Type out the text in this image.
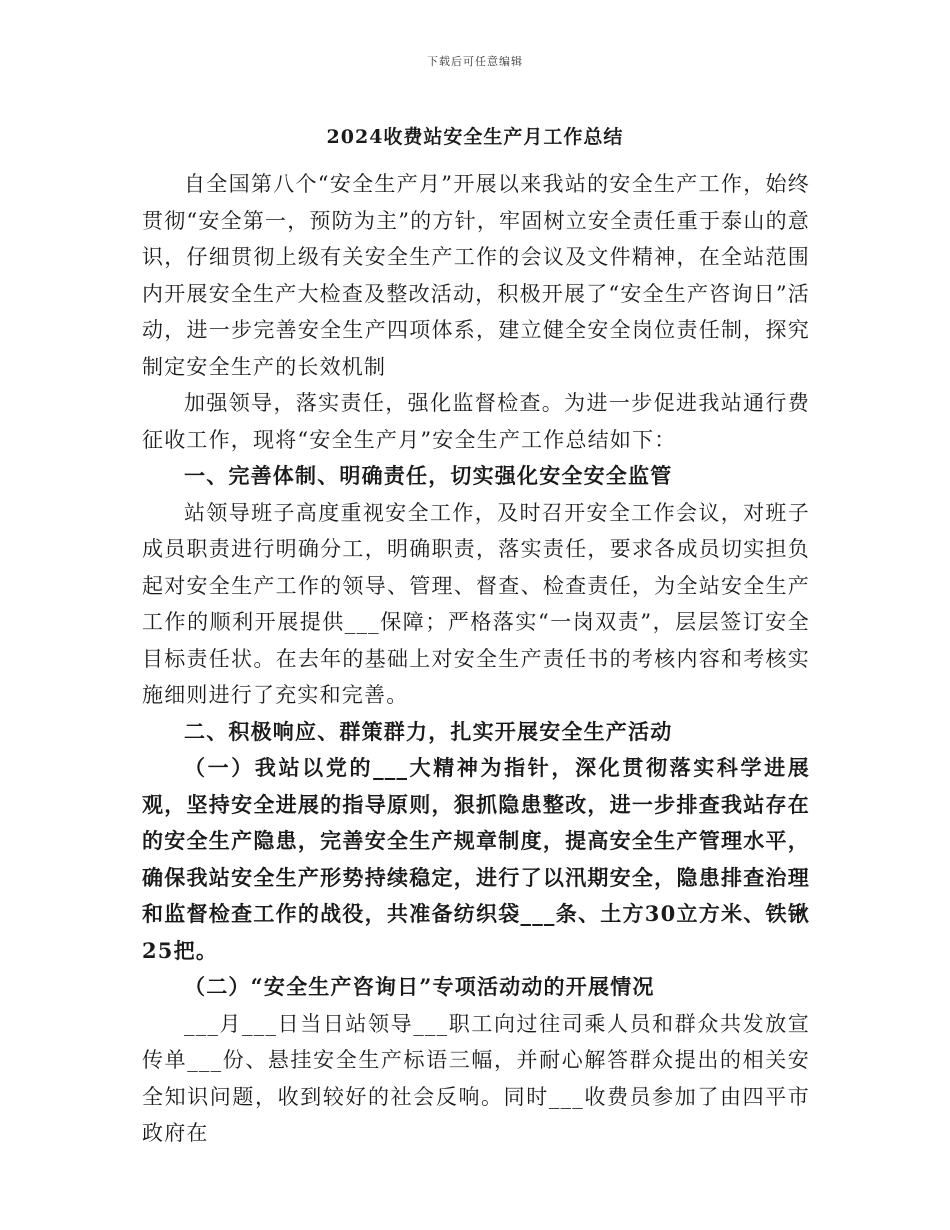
下载后可任意编辑
2024收费站安全生产月工作总结

自全国第八个“安全生产月”开展以来我站的安全生产工作，始终贯彻“安全第一，预防为主”的方针，牢固树立安全责任重于泰山的意识，仔细贯彻上级有关安全生产工作的会议及文件精神，在全站范围内开展安全生产大检查及整改活动，积极开展了“安全生产咨询日”活动，进一步完善安全生产四项体系，建立健全安全岗位责任制，探究制定安全生产的长效机制

加强领导，落实责任，强化监督检查。为进一步促进我站通行费征收工作，现将“安全生产月”安全生产工作总结如下：

一、完善体制、明确责任，切实强化安全安全监管

站领导班子高度重视安全工作，及时召开安全工作会议，对班子成员职责进行明确分工，明确职责，落实责任，要求各成员切实担负起对安全生产工作的领导、管理、督查、检查责任，为全站安全生产工作的顺利开展提供___保障；严格落实“一岗双责”，层层签订安全目标责任状。在去年的基础上对安全生产责任书的考核内容和考核实施细则进行了充实和完善。

二、积极响应、群策群力，扎实开展安全生产活动

（一）我站以党的___大精神为指针，深化贯彻落实科学进展观，坚持安全进展的指导原则，狠抓隐患整改，进一步排查我站存在的安全生产隐患，完善安全生产规章制度，提高安全生产管理水平，确保我站安全生产形势持续稳定，进行了以汛期安全，隐患排查治理和监督检查工作的战役，共准备纺织袋___条、土方30立方米、铁锹25把。

（二）“安全生产咨询日”专项活动动的开展情况

___月___日当日站领导___职工向过往司乘人员和群众共发放宣传单___份、悬挂安全生产标语三幅，并耐心解答群众提出的相关安全知识问题，收到较好的社会反响。同时___收费员参加了由四平市政府在
